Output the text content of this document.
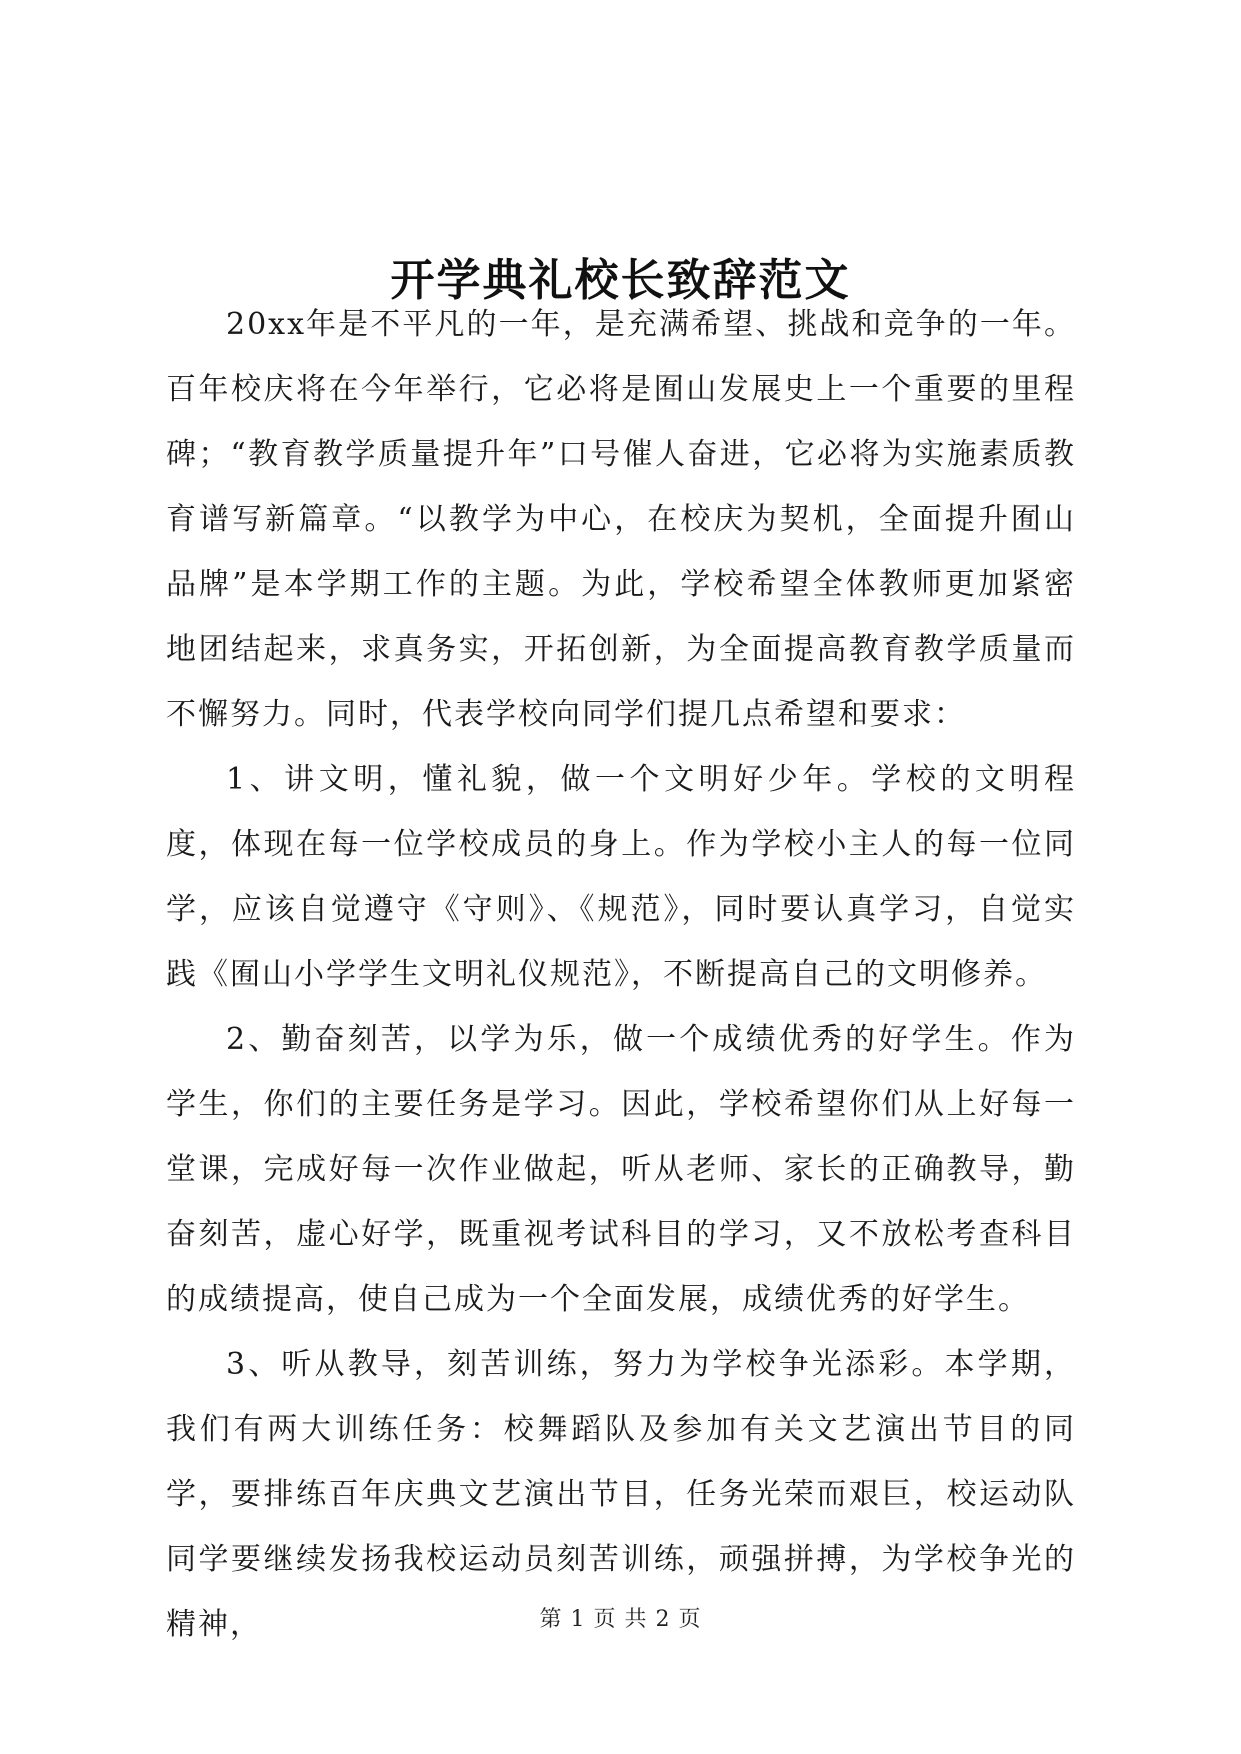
开学典礼校长致辞范文

20xx年是不平凡的一年，是充满希望、挑战和竞争的一年。百年校庆将在今年举行，它必将是囿山发展史上一个重要的里程碑；“教育教学质量提升年”口号催人奋进，它必将为实施素质教育谱写新篇章。“以教学为中心，在校庆为契机，全面提升囿山品牌”是本学期工作的主题。为此，学校希望全体教师更加紧密地团结起来，求真务实，开拓创新，为全面提高教育教学质量而不懈努力。同时，代表学校向同学们提几点希望和要求：

1、讲文明，懂礼貌，做一个文明好少年。学校的文明程度，体现在每一位学校成员的身上。作为学校小主人的每一位同学，应该自觉遵守《守则》、《规范》，同时要认真学习，自觉实践《囿山小学学生文明礼仪规范》，不断提高自己的文明修养。

2、勤奋刻苦，以学为乐，做一个成绩优秀的好学生。作为学生，你们的主要任务是学习。因此，学校希望你们从上好每一堂课，完成好每一次作业做起，听从老师、家长的正确教导，勤奋刻苦，虚心好学，既重视考试科目的学习，又不放松考查科目的成绩提高，使自己成为一个全面发展，成绩优秀的好学生。

3、听从教导，刻苦训练，努力为学校争光添彩。本学期，我们有两大训练任务：校舞蹈队及参加有关文艺演出节目的同学，要排练百年庆典文艺演出节目，任务光荣而艰巨，校运动队同学要继续发扬我校运动员刻苦训练，顽强拼搏，为学校争光的精神，	第 1 页 共 2 页
